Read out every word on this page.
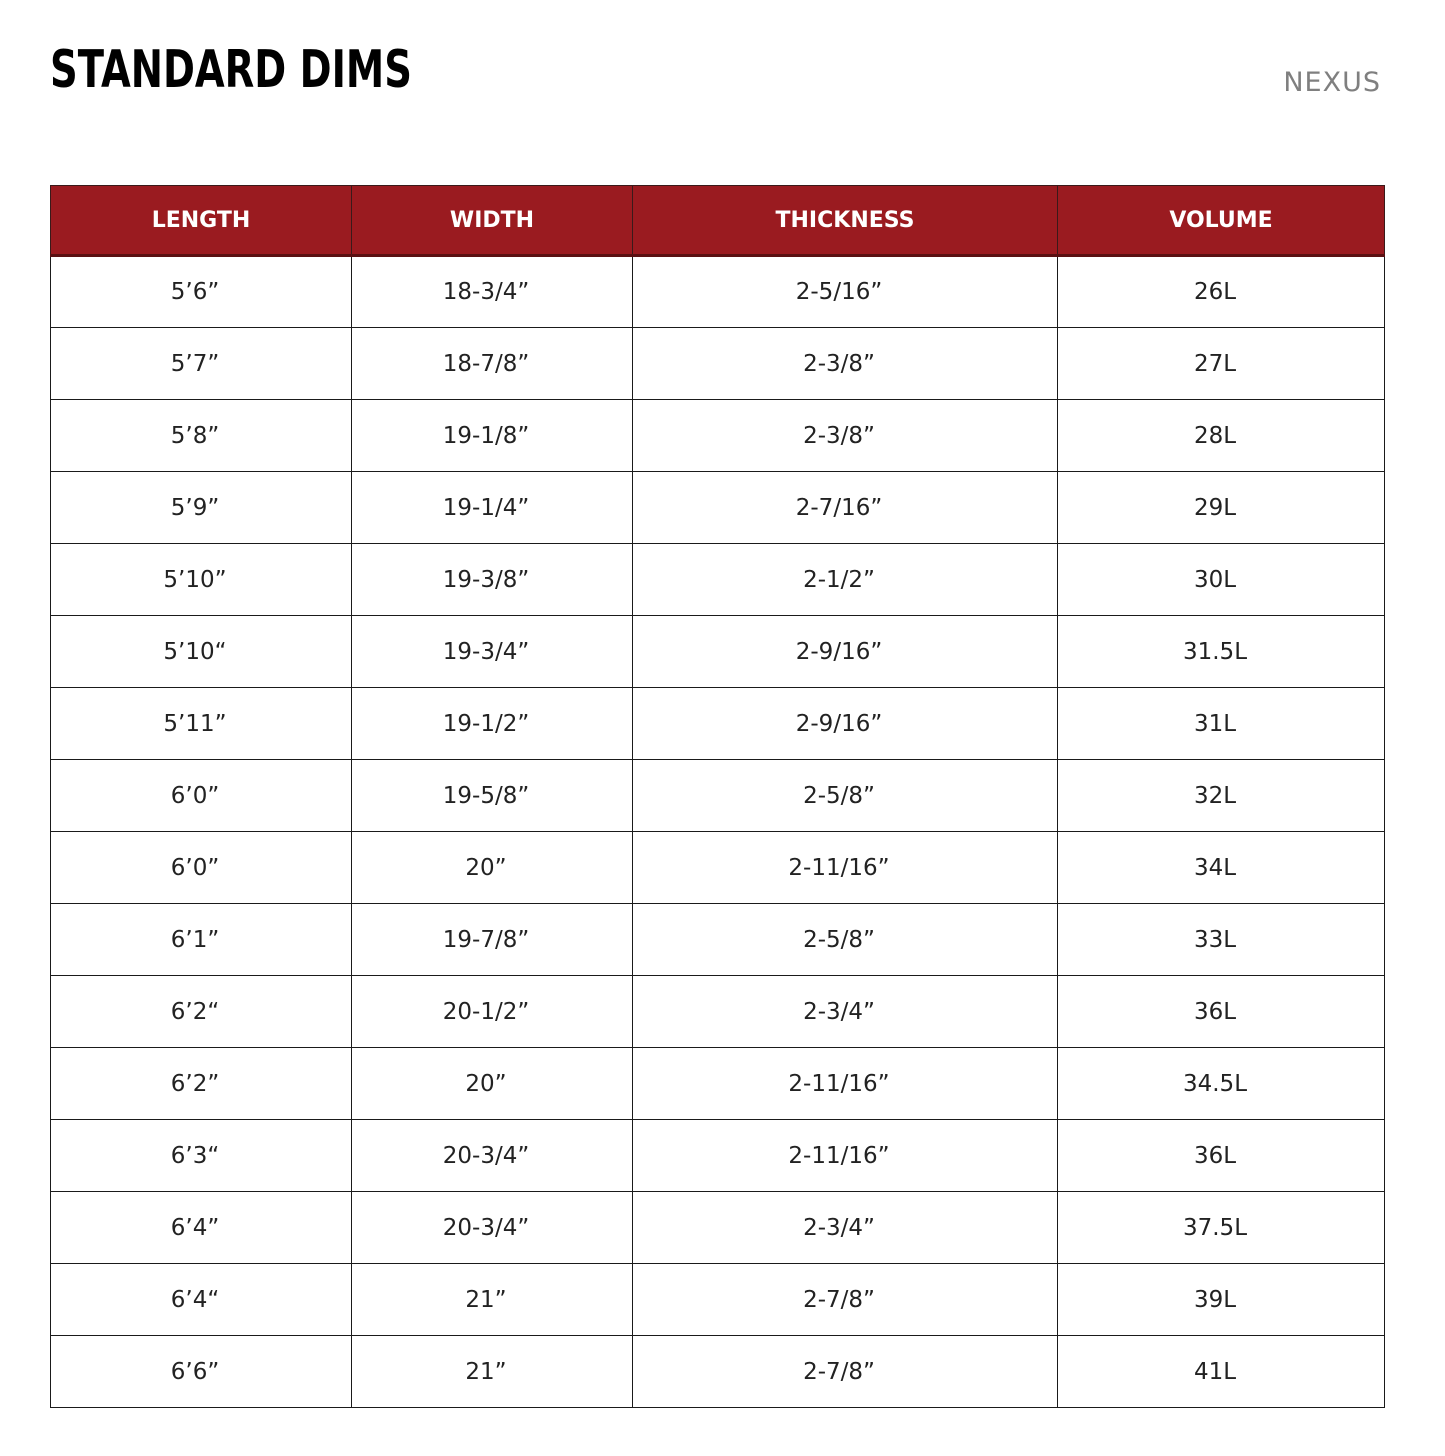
STANDARD DIMS	NEXUS
LENGTH	WIDTH	THICKNESS	VOLUME
5’6”	18-3/4”	2-5/16”	26L
5’7”	18-7/8”	2-3/8”	27L
5’8”	19-1/8”	2-3/8”	28L
5’9”	19-1/4”	2-7/16”	29L
5’10”	19-3/8”	2-1/2”	30L
5’10“	19-3/4”	2-9/16”	31.5L
5’11”	19-1/2”	2-9/16”	31L
6’0”	19-5/8”	2-5/8”	32L
6’0”	20”	2-11/16”	34L
6’1”	19-7/8”	2-5/8”	33L
6’2“	20-1/2”	2-3/4”	36L
6’2”	20”	2-11/16”	34.5L
6’3“	20-3/4”	2-11/16”	36L
6’4”	20-3/4”	2-3/4”	37.5L
6’4“	21”	2-7/8”	39L
6’6”	21”	2-7/8”	41L
